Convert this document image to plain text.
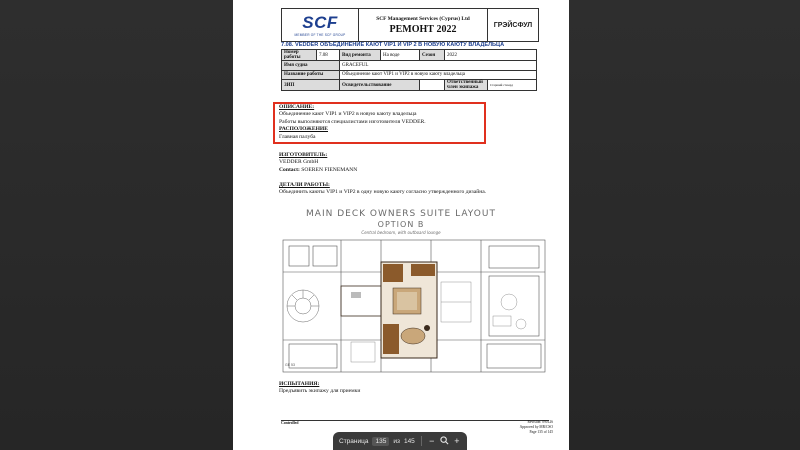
SCF
MEMBER OF THE SCF GROUP
SCF Management Services (Cyprus) Ltd
РЕМОНТ 2022	ГРЭЙСФУЛ
7.08. VEDDER ОБЪЕДИНЕНИЕ КАЮТ VIP1 И VIP 2 В НОВУЮ КАЮТУ ВЛАДЕЛЬЦА
Номер работы	7.08	Вид ремонта	На воде	Сезон	2022	
Имя судна		GRACEFUL				
Название работы		Объединение кают VIP1 и VIP2 в новую каюту владельца				
ЗИП		Освидетельствование			Ответственный член экипажа	Старший стюард
ОПИСАНИЕ:
Объединение кают VIP1 и VIP2 в новую каюту владельца
Работы выполняются специалистами изготовителя VEDDER.
РАСПОЛОЖЕНИЕ
Главная палуба
ИЗГОТОВИТЕЛЬ:
VEDDER GmbH
Contact: SOEREN FIENEMANN
ДЕТАЛИ РАБОТЫ:
Объединить каюты VIP1 и VIP2 в одну новую каюту согласно утвержденного дизайна.
MAIN DECK OWNERS SUITE LAYOUT
OPTION B
Central bedroom, with outboard lounge
GE 53
ИСПЫТАНИЯ:
Предъявить экипажу для приемки
Controlled	Revision: 090126
Approved by MR/CSO
Page 135 of 145
Страница	135	из 145 − +
